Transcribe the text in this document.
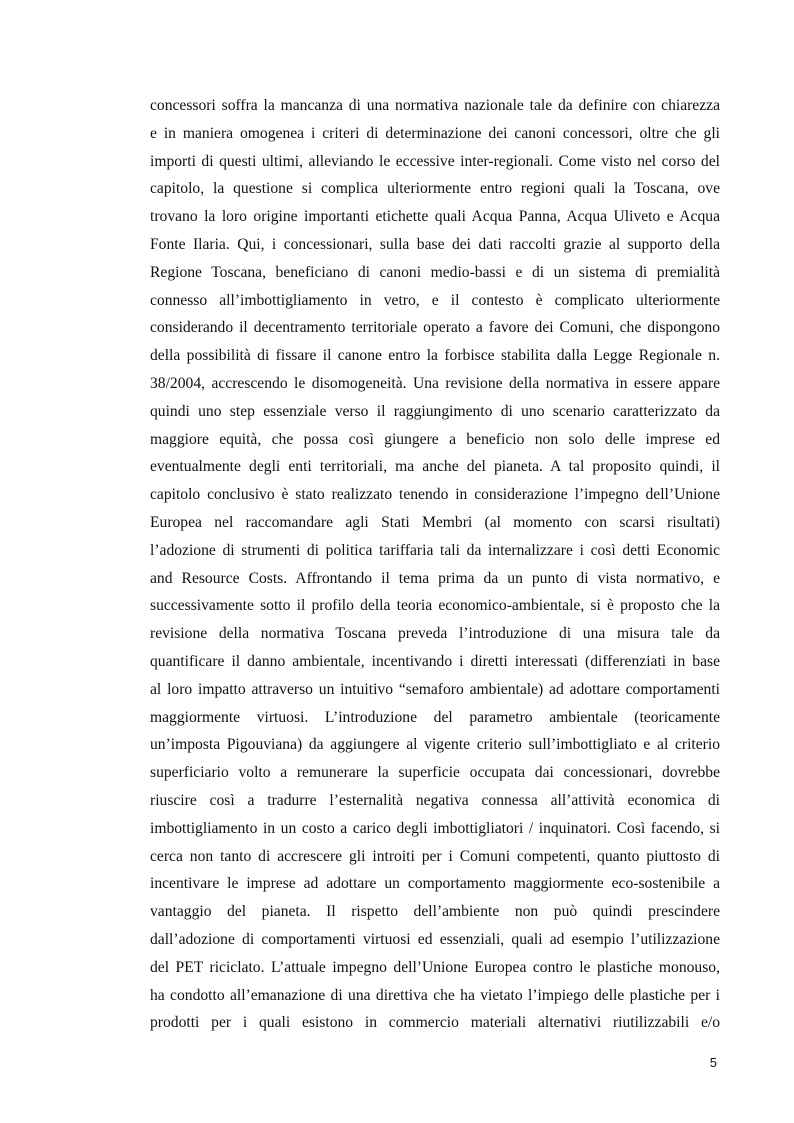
concessori soffra la mancanza di una normativa nazionale tale da definire con chiarezza
e in maniera omogenea i criteri di determinazione dei canoni concessori, oltre che gli
importi di questi ultimi, alleviando le eccessive inter-regionali. Come visto nel corso del
capitolo, la questione si complica ulteriormente entro regioni quali la Toscana, ove
trovano la loro origine importanti etichette quali Acqua Panna, Acqua Uliveto e Acqua
Fonte Ilaria. Qui, i concessionari, sulla base dei dati raccolti grazie al supporto della
Regione Toscana, beneficiano di canoni medio-bassi e di un sistema di premialità
connesso all’imbottigliamento in vetro, e il contesto è complicato ulteriormente
considerando il decentramento territoriale operato a favore dei Comuni, che dispongono
della possibilità di fissare il canone entro la forbisce stabilita dalla Legge Regionale n.
38/2004, accrescendo le disomogeneità. Una revisione della normativa in essere appare
quindi uno step essenziale verso il raggiungimento di uno scenario caratterizzato da
maggiore equità, che possa così giungere a beneficio non solo delle imprese ed
eventualmente degli enti territoriali, ma anche del pianeta. A tal proposito quindi, il
capitolo conclusivo è stato realizzato tenendo in considerazione l’impegno dell’Unione
Europea nel raccomandare agli Stati Membri (al momento con scarsi risultati)
l’adozione di strumenti di politica tariffaria tali da internalizzare i così detti Economic
and Resource Costs. Affrontando il tema prima da un punto di vista normativo, e
successivamente sotto il profilo della teoria economico-ambientale, si è proposto che la
revisione della normativa Toscana preveda l’introduzione di una misura tale da
quantificare il danno ambientale, incentivando i diretti interessati (differenziati in base
al loro impatto attraverso un intuitivo “semaforo ambientale) ad adottare comportamenti
maggiormente virtuosi. L’introduzione del parametro ambientale (teoricamente
un’imposta Pigouviana) da aggiungere al vigente criterio sull’imbottigliato e al criterio
superficiario volto a remunerare la superficie occupata dai concessionari, dovrebbe
riuscire così a tradurre l’esternalità negativa connessa all’attività economica di
imbottigliamento in un costo a carico degli imbottigliatori / inquinatori. Così facendo, si
cerca non tanto di accrescere gli introiti per i Comuni competenti, quanto piuttosto di
incentivare le imprese ad adottare un comportamento maggiormente eco-sostenibile a
vantaggio del pianeta. Il rispetto dell’ambiente non può quindi prescindere
dall’adozione di comportamenti virtuosi ed essenziali, quali ad esempio l’utilizzazione
del PET riciclato. L’attuale impegno dell’Unione Europea contro le plastiche monouso,
ha condotto all’emanazione di una direttiva che ha vietato l’impiego delle plastiche per i
prodotti per i quali esistono in commercio materiali alternativi riutilizzabili e/o
5
